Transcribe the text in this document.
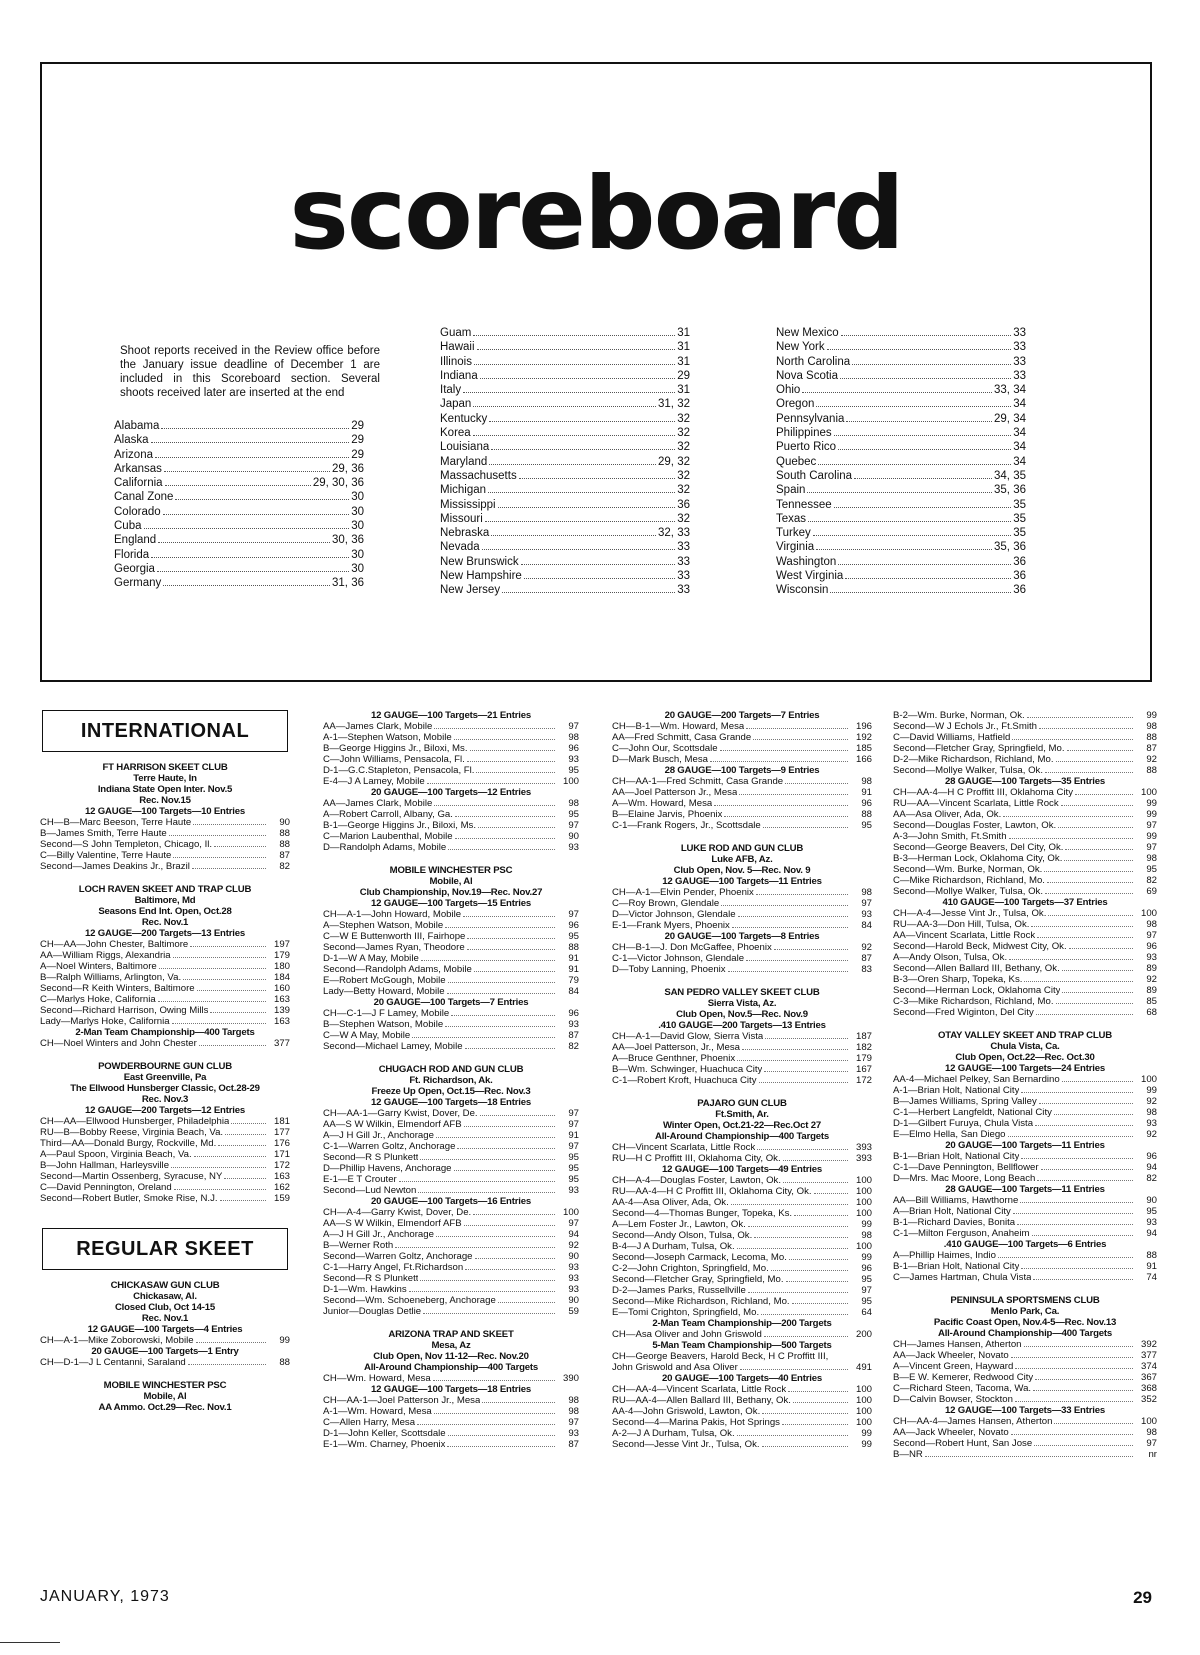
scoreboard
Shoot reports received in the Review office before the January issue deadline of December 1 are included in this Scoreboard section. Several shoots received later are inserted at the end
Alabama	29
Alaska	29
Arizona	29
Arkansas	29, 36
California	29, 30, 36
Canal Zone	30
Colorado	30
Cuba	30
England	30, 36
Florida	30
Georgia	30
Germany	31, 36
Guam	31
Hawaii	31
Illinois	31
Indiana	29
Italy	31
Japan	31, 32
Kentucky	32
Korea	32
Louisiana	32
Maryland	29, 32
Massachusetts	32
Michigan	32
Mississippi	36
Missouri	32
Nebraska	32, 33
Nevada	33
New Brunswick	33
New Hampshire	33
New Jersey	33
New Mexico	33
New York	33
North Carolina	33
Nova Scotia	33
Ohio	33, 34
Oregon	34
Pennsylvania	29, 34
Philippines	34
Puerto Rico	34
Quebec	34
South Carolina	34, 35
Spain	35, 36
Tennessee	35
Texas	35
Turkey	35
Virginia	35, 36
Washington	36
West Virginia	36
Wisconsin	36
INTERNATIONAL
FT HARRISON SKEET CLUB
Terre Haute, In
Indiana State Open Inter. Nov.5
Rec. Nov.15
12 GAUGE—100 Targets—10 Entries
CH—B—Marc Beeson, Terre Haute	90
B—James Smith, Terre Haute	88
Second—S John Templeton, Chicago, Il.	88
C—Billy Valentine, Terre Haute	87
Second—James Deakins Jr., Brazil	82
LOCH RAVEN SKEET AND TRAP CLUB
Baltimore, Md
Seasons End Int. Open, Oct.28
Rec. Nov.1
12 GAUGE—200 Targets—13 Entries
CH—AA—John Chester, Baltimore	197
AA—William Riggs, Alexandria	179
A—Noel Winters, Baltimore	180
B—Ralph Williams, Arlington, Va.	184
Second—R Keith Winters, Baltimore	160
C—Marlys Hoke, California	163
Second—Richard Harrison, Owing Mills	139
Lady—Marlys Hoke, California	163
2-Man Team Championship—400 Targets
CH—Noel Winters and John Chester	377
POWDERBOURNE GUN CLUB
East Greenville, Pa
The Ellwood Hunsberger Classic, Oct.28-29
Rec. Nov.3
12 GAUGE—200 Targets—12 Entries
CH—AA—Ellwood Hunsberger, Philadelphia	181
RU—B—Bobby Reese, Virginia Beach, Va.	177
Third—AA—Donald Burgy, Rockville, Md.	176
A—Paul Spoon, Virginia Beach, Va.	171
B—John Hallman, Harleysville	172
Second—Martin Ossenberg, Syracuse, NY	163
C—David Pennington, Oreland	162
Second—Robert Butler, Smoke Rise, N.J.	159
REGULAR SKEET
CHICKASAW GUN CLUB
Chickasaw, Al.
Closed Club, Oct 14-15
Rec. Nov.1
12 GAUGE—100 Targets—4 Entries
CH—A-1—Mike Zoborowski, Mobile	99
20 GAUGE—100 Targets—1 Entry
CH—D-1—J L Centanni, Saraland	88
MOBILE WINCHESTER PSC
Mobile, Al
AA Ammo. Oct.29—Rec. Nov.1
12 GAUGE—100 Targets—21 Entries
AA—James Clark, Mobile	97
A-1—Stephen Watson, Mobile	98
B—George Higgins Jr., Biloxi, Ms.	96
C—John Williams, Pensacola, Fl.	93
D-1—G.C.Stapleton, Pensacola, Fl.	95
E-4—J A Lamey, Mobile	100
20 GAUGE—100 Targets—12 Entries
AA—James Clark, Mobile	98
A—Robert Carroll, Albany, Ga.	95
B-1—George Higgins Jr., Biloxi, Ms.	97
C—Marion Laubenthal, Mobile	90
D—Randolph Adams, Mobile	93
MOBILE WINCHESTER PSC
Mobile, Al
Club Championship, Nov.19—Rec. Nov.27
12 GAUGE—100 Targets—15 Entries
CH—A-1—John Howard, Mobile	97
A—Stephen Watson, Mobile	96
C—W E Buttenworth III, Fairhope	95
Second—James Ryan, Theodore	88
D-1—W A May, Mobile	91
Second—Randolph Adams, Mobile	91
E—Robert McGough, Mobile	79
Lady—Betty Howard, Mobile	84
20 GAUGE—100 Targets—7 Entries
CH—C-1—J F Lamey, Mobile	96
B—Stephen Watson, Mobile	93
C—W A May, Mobile	87
Second—Michael Lamey, Mobile	82
CHUGACH ROD AND GUN CLUB
Ft. Richardson, Ak.
Freeze Up Open, Oct.15—Rec. Nov.3
12 GAUGE—100 Targets—18 Entries
CH—AA-1—Garry Kwist, Dover, De.	97
AA—S W Wilkin, Elmendorf AFB	97
A—J H Gill Jr., Anchorage	91
C-1—Warren Goltz, Anchorage	97
Second—R S Plunkett	95
D—Phillip Havens, Anchorage	95
E-1—E T Crouter	95
Second—Lud Newton	93
20 GAUGE—100 Targets—16 Entries
CH—A-4—Garry Kwist, Dover, De.	100
AA—S W Wilkin, Elmendorf AFB	97
A—J H Gill Jr., Anchorage	94
B—Werner Roth	92
Second—Warren Goltz, Anchorage	90
C-1—Harry Angel, Ft.Richardson	93
Second—R S Plunkett	93
D-1—Wm. Hawkins	93
Second—Wm. Schoeneberg, Anchorage	90
Junior—Douglas Detlie	59
ARIZONA TRAP AND SKEET
Mesa, Az
Club Open, Nov 11-12—Rec. Nov.20
All-Around Championship—400 Targets
CH—Wm. Howard, Mesa	390
12 GAUGE—100 Targets—18 Entries
CH—AA-1—Joel Patterson Jr., Mesa	98
A-1—Wm. Howard, Mesa	98
C—Allen Harry, Mesa	97
D-1—John Keller, Scottsdale	93
E-1—Wm. Charney, Phoenix	87
20 GAUGE—200 Targets—7 Entries
CH—B-1—Wm. Howard, Mesa	196
AA—Fred Schmitt, Casa Grande	192
C—John Our, Scottsdale	185
D—Mark Busch, Mesa	166
28 GAUGE—100 Targets—9 Entries
CH—AA-1—Fred Schmitt, Casa Grande	98
AA—Joel Patterson Jr., Mesa	91
A—Wm. Howard, Mesa	96
B—Elaine Jarvis, Phoenix	88
C-1—Frank Rogers, Jr., Scottsdale	95
LUKE ROD AND GUN CLUB
Luke AFB, Az.
Club Open, Nov. 5—Rec. Nov. 9
12 GAUGE—100 Targets—11 Entries
CH—A-1—Elvin Pender, Phoenix	98
C—Roy Brown, Glendale	97
D—Victor Johnson, Glendale	93
E-1—Frank Myers, Phoenix	84
20 GAUGE—100 Targets—8 Entries
CH—B-1—J. Don McGaffee, Phoenix	92
C-1—Victor Johnson, Glendale	87
D—Toby Lanning, Phoenix	83
SAN PEDRO VALLEY SKEET CLUB
Sierra Vista, Az.
Club Open, Nov.5—Rec. Nov.9
.410 GAUGE—200 Targets—13 Entries
CH—A-1—David Glow, Sierra Vista	187
AA—Joel Patterson, Jr., Mesa	182
A—Bruce Genthner, Phoenix	179
B—Wm. Schwinger, Huachuca City	167
C-1—Robert Kroft, Huachuca City	172
PAJARO GUN CLUB
Ft.Smith, Ar.
Winter Open, Oct.21-22—Rec.Oct 27
All-Around Championship—400 Targets
CH—Vincent Scarlata, Little Rock	393
RU—H C Proffitt III, Oklahoma City, Ok.	393
12 GAUGE—100 Targets—49 Entries
CH—A-4—Douglas Foster, Lawton, Ok.	100
RU—AA-4—H C Proffitt III, Oklahoma City, Ok.	100
AA-4—Asa Oliver, Ada, Ok.	100
Second—4—Thomas Bunger, Topeka, Ks.	100
A—Lem Foster Jr., Lawton, Ok.	99
Second—Andy Olson, Tulsa, Ok.	98
B-4—J A Durham, Tulsa, Ok.	100
Second—Joseph Carmack, Lecoma, Mo.	99
C-2—John Crighton, Springfield, Mo.	96
Second—Fletcher Gray, Springfield, Mo.	95
D-2—James Parks, Russellville	97
Second—Mike Richardson, Richland, Mo.	95
E—Tomi Crighton, Springfield, Mo.	64
2-Man Team Championship—200 Targets
CH—Asa Oliver and John Griswold	200
5-Man Team Championship—500 Targets
CH—George Beavers, Harold Beck, H C Proffitt III,
John Griswold and Asa Oliver	491
20 GAUGE—100 Targets—40 Entries
CH—AA-4—Vincent Scarlata, Little Rock	100
RU—AA-4—Allen Ballard III, Bethany, Ok.	100
AA-4—John Griswold, Lawton, Ok.	100
Second—4—Marina Pakis, Hot Springs	100
A-2—J A Durham, Tulsa, Ok.	99
Second—Jesse Vint Jr., Tulsa, Ok.	99
B-2—Wm. Burke, Norman, Ok.	99
Second—W J Echols Jr., Ft.Smith	98
C—David Williams, Hatfield	88
Second—Fletcher Gray, Springfield, Mo.	87
D-2—Mike Richardson, Richland, Mo.	92
Second—Mollye Walker, Tulsa, Ok.	88
28 GAUGE—100 Targets—35 Entries
CH—AA-4—H C Proffitt III, Oklahoma City	100
RU—AA—Vincent Scarlata, Little Rock	99
AA—Asa Oliver, Ada, Ok.	99
Second—Douglas Foster, Lawton, Ok.	97
A-3—John Smith, Ft.Smith	99
Second—George Beavers, Del City, Ok.	97
B-3—Herman Lock, Oklahoma City, Ok.	98
Second—Wm. Burke, Norman, Ok.	95
C—Mike Richardson, Richland, Mo.	82
Second—Mollye Walker, Tulsa, Ok.	69
410 GAUGE—100 Targets—37 Entries
CH—A-4—Jesse Vint Jr., Tulsa, Ok.	100
RU—AA-3—Don Hill, Tulsa, Ok.	98
AA—Vincent Scarlata, Little Rock	97
Second—Harold Beck, Midwest City, Ok.	96
A—Andy Olson, Tulsa, Ok.	93
Second—Allen Ballard III, Bethany, Ok.	89
B-3—Oren Sharp, Topeka, Ks.	92
Second—Herman Lock, Oklahoma City	89
C-3—Mike Richardson, Richland, Mo.	85
Second—Fred Wiginton, Del City	68
OTAY VALLEY SKEET AND TRAP CLUB
Chula Vista, Ca.
Club Open, Oct.22—Rec. Oct.30
12 GAUGE—100 Targets—24 Entries
AA-4—Michael Pelkey, San Bernardino	100
A-1—Brian Holt, National City	99
B—James Williams, Spring Valley	92
C-1—Herbert Langfeldt, National City	98
D-1—Gilbert Furuya, Chula Vista	93
E—Elmo Hella, San Diego	92
20 GAUGE—100 Targets—11 Entries
B-1—Brian Holt, National City	96
C-1—Dave Pennington, Bellflower	94
D—Mrs. Mac Moore, Long Beach	82
28 GAUGE—100 Targets—11 Entries
AA—Bill Williams, Hawthorne	90
A—Brian Holt, National City	95
B-1—Richard Davies, Bonita	93
C-1—Milton Ferguson, Anaheim	94
.410 GAUGE—100 Targets—6 Entries
A—Phillip Haimes, Indio	88
B-1—Brian Holt, National City	91
C—James Hartman, Chula Vista	74
PENINSULA SPORTSMENS CLUB
Menlo Park, Ca.
Pacific Coast Open, Nov.4-5—Rec. Nov.13
All-Around Championship—400 Targets
CH—James Hansen, Atherton	392
AA—Jack Wheeler, Novato	377
A—Vincent Green, Hayward	374
B—E W. Kemerer, Redwood City	367
C—Richard Steen, Tacoma, Wa.	368
D—Calvin Bowser, Stockton	352
12 GAUGE—100 Targets—33 Entries
CH—AA-4—James Hansen, Atherton	100
AA—Jack Wheeler, Novato	98
Second—Robert Hunt, San Jose	97
B—NR	nr
JANUARY, 1973	29
